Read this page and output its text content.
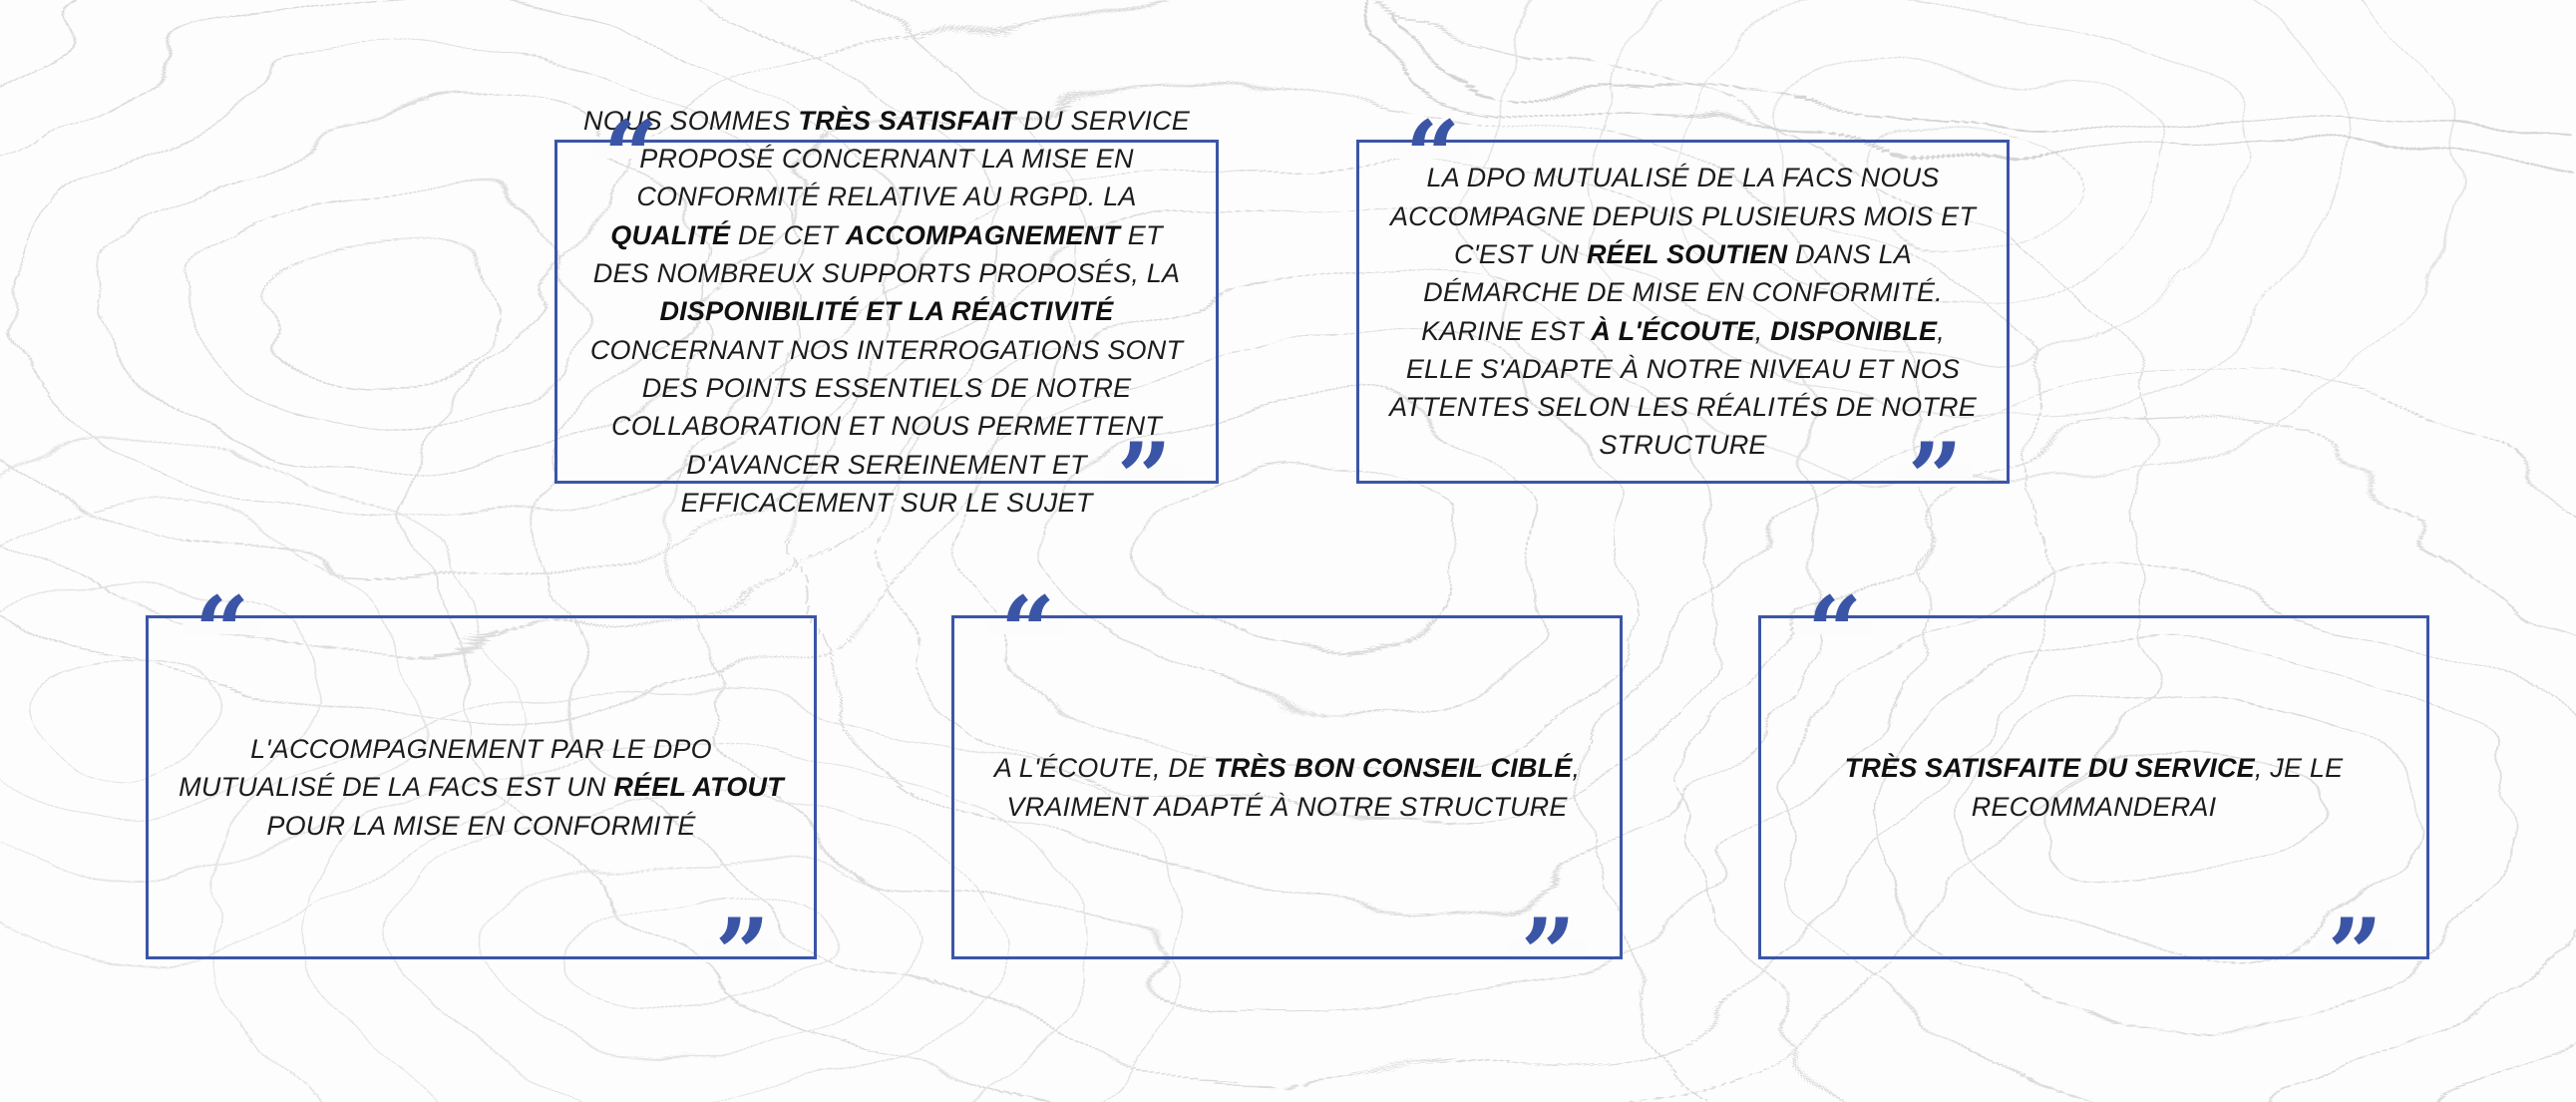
“
NOUS SOMMES TRÈS SATISFAIT DU SERVICE PROPOSÉ CONCERNANT LA MISE EN CONFORMITÉ RELATIVE AU RGPD. LA QUALITÉ DE CET ACCOMPAGNEMENT ET DES NOMBREUX SUPPORTS PROPOSÉS, LA DISPONIBILITÉ ET LA RÉACTIVITÉ CONCERNANT NOS INTERROGATIONS SONT DES POINTS ESSENTIELS DE NOTRE COLLABORATION ET NOUS PERMETTENT D'AVANCER SEREINEMENT ET EFFICACEMENT SUR LE SUJET ”
“
LA DPO MUTUALISÉ DE LA FACS NOUS ACCOMPAGNE DEPUIS PLUSIEURS MOIS ET C'EST UN RÉEL SOUTIEN DANS LA DÉMARCHE DE MISE EN CONFORMITÉ. KARINE EST À L'ÉCOUTE, DISPONIBLE, ELLE S'ADAPTE À NOTRE NIVEAU ET NOS ATTENTES SELON LES RÉALITÉS DE NOTRE STRUCTURE	”
“
L'ACCOMPAGNEMENT PAR LE DPO MUTUALISÉ DE LA FACS EST UN RÉEL ATOUT POUR LA MISE EN CONFORMITÉ
”
“
A L'ÉCOUTE, DE TRÈS BON CONSEIL CIBLÉ, VRAIMENT ADAPTÉ À NOTRE STRUCTURE
”
“
TRÈS SATISFAITE DU SERVICE, JE LE RECOMMANDERAI
”
